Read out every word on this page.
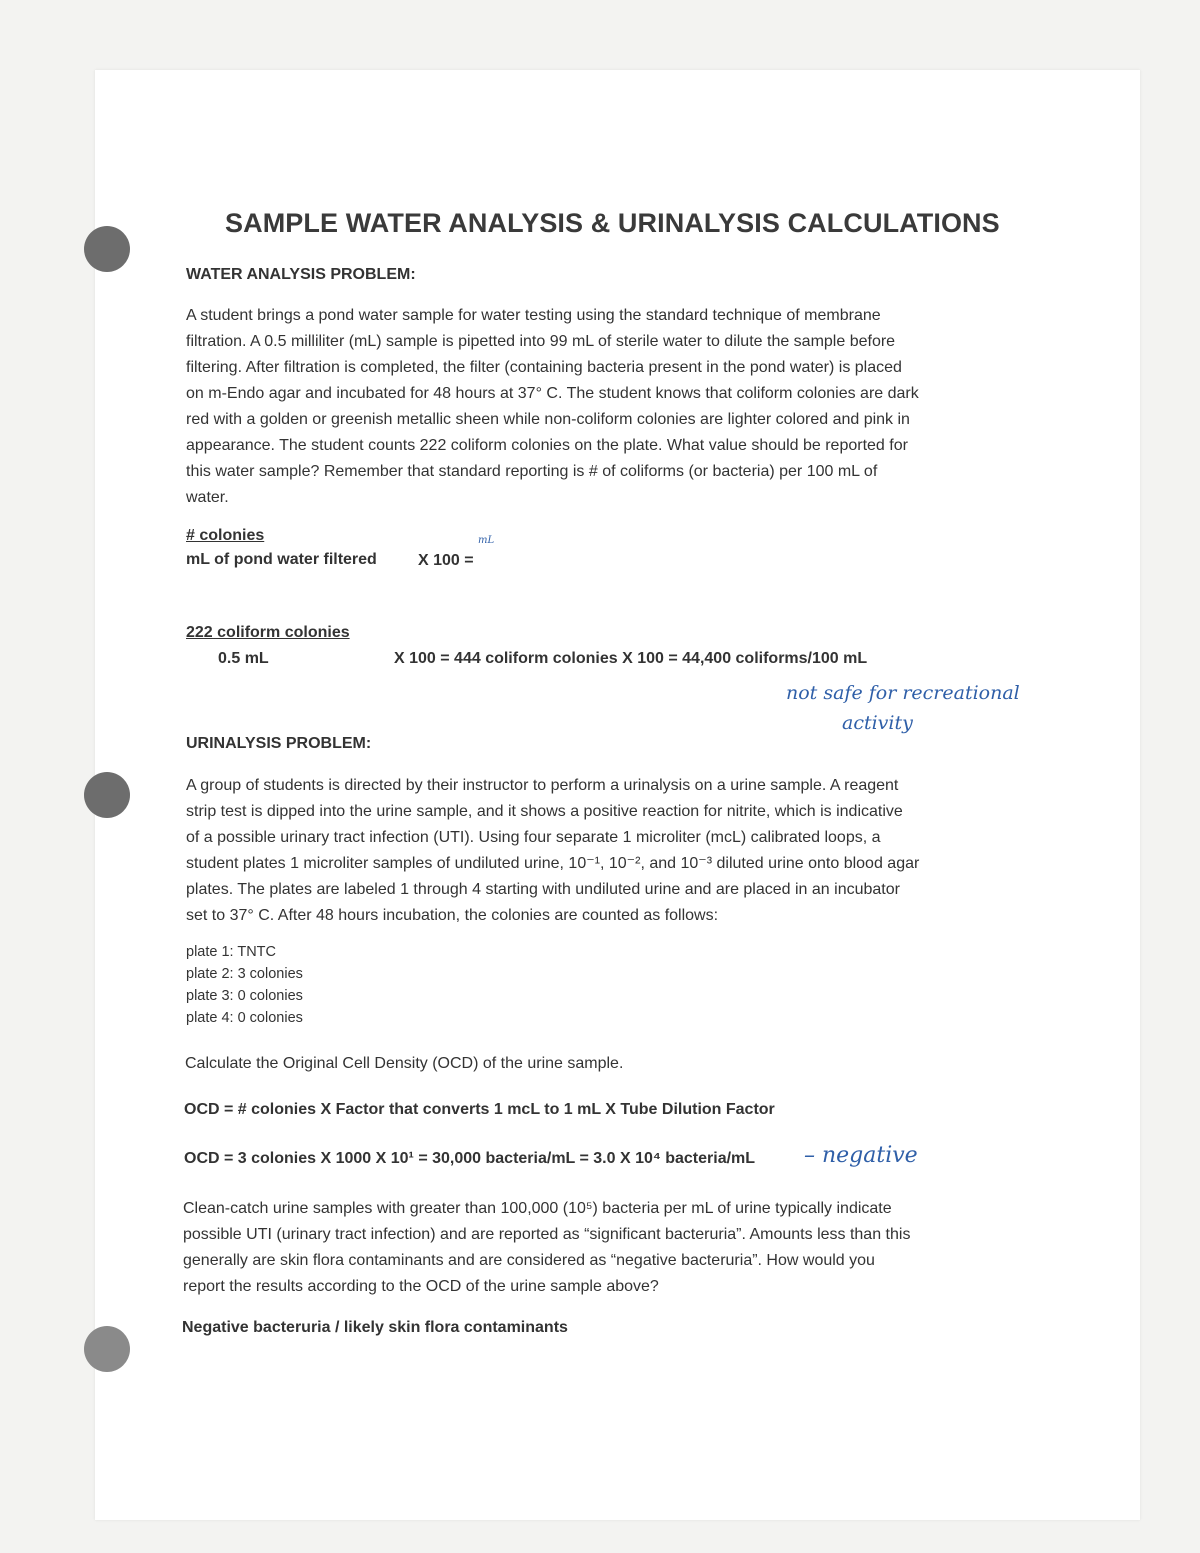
SAMPLE WATER ANALYSIS & URINALYSIS CALCULATIONS
WATER ANALYSIS PROBLEM:

A student brings a pond water sample for water testing using the standard technique of membrane

filtration. A 0.5 milliliter (mL) sample is pipetted into 99 mL of sterile water to dilute the sample before

filtering. After filtration is completed, the filter (containing bacteria present in the pond water) is placed

on m-Endo agar and incubated for 48 hours at 37° C. The student knows that coliform colonies are dark

red with a golden or greenish metallic sheen while non-coliform colonies are lighter colored and pink in

appearance. The student counts 222 coliform colonies on the plate. What value should be reported for

this water sample? Remember that standard reporting is # of coliforms (or bacteria) per 100 mL of

water.

# colonies
mL of pond water filtered	X 100 =
mL
222 coliform colonies
0.5 mL	X 100 = 444 coliform colonies X 100 = 44,400 coliforms/100 mL
not safe for recreational
activity
URINALYSIS PROBLEM:

A group of students is directed by their instructor to perform a urinalysis on a urine sample. A reagent

strip test is dipped into the urine sample, and it shows a positive reaction for nitrite, which is indicative

of a possible urinary tract infection (UTI). Using four separate 1 microliter (mcL) calibrated loops, a

student plates 1 microliter samples of undiluted urine, 10⁻¹, 10⁻², and 10⁻³ diluted urine onto blood agar

plates. The plates are labeled 1 through 4 starting with undiluted urine and are placed in an incubator

set to 37° C. After 48 hours incubation, the colonies are counted as follows:

plate 1: TNTC
plate 2: 3 colonies
plate 3: 0 colonies
plate 4: 0 colonies
Calculate the Original Cell Density (OCD) of the urine sample.
OCD = # colonies X Factor that converts 1 mcL to 1 mL X Tube Dilution Factor
OCD = 3 colonies X 1000 X 10¹ = 30,000 bacteria/mL = 3.0 X 10⁴ bacteria/mL – negative

Clean-catch urine samples with greater than 100,000 (10⁵) bacteria per mL of urine typically indicate

possible UTI (urinary tract infection) and are reported as “significant bacteruria”. Amounts less than this

generally are skin flora contaminants and are considered as “negative bacteruria”. How would you

report the results according to the OCD of the urine sample above?

Negative bacteruria / likely skin flora contaminants
